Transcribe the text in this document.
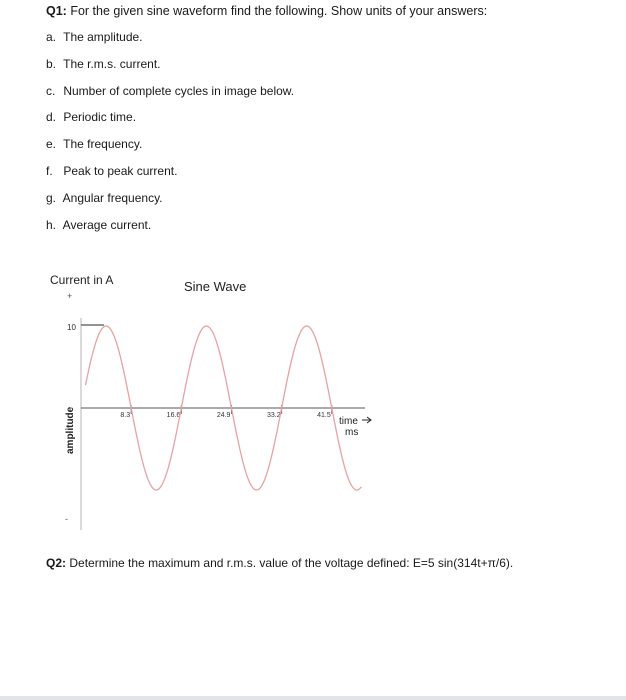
Q1: For the given sine waveform find the following. Show units of your answers:
a. The amplitude.
b. The r.m.s. current.
c. Number of complete cycles in image below.
d. Periodic time.
e. The frequency.
f. Peak to peak current.
g. Angular frequency.
h. Average current.
Current in A	Sine Wave
+
10
amplitude	8.3	16.6	24.9	33.2	41.5
time
ms
-
Q2: Determine the maximum and r.m.s. value of the voltage defined: E=5 sin(314t+π/6).
